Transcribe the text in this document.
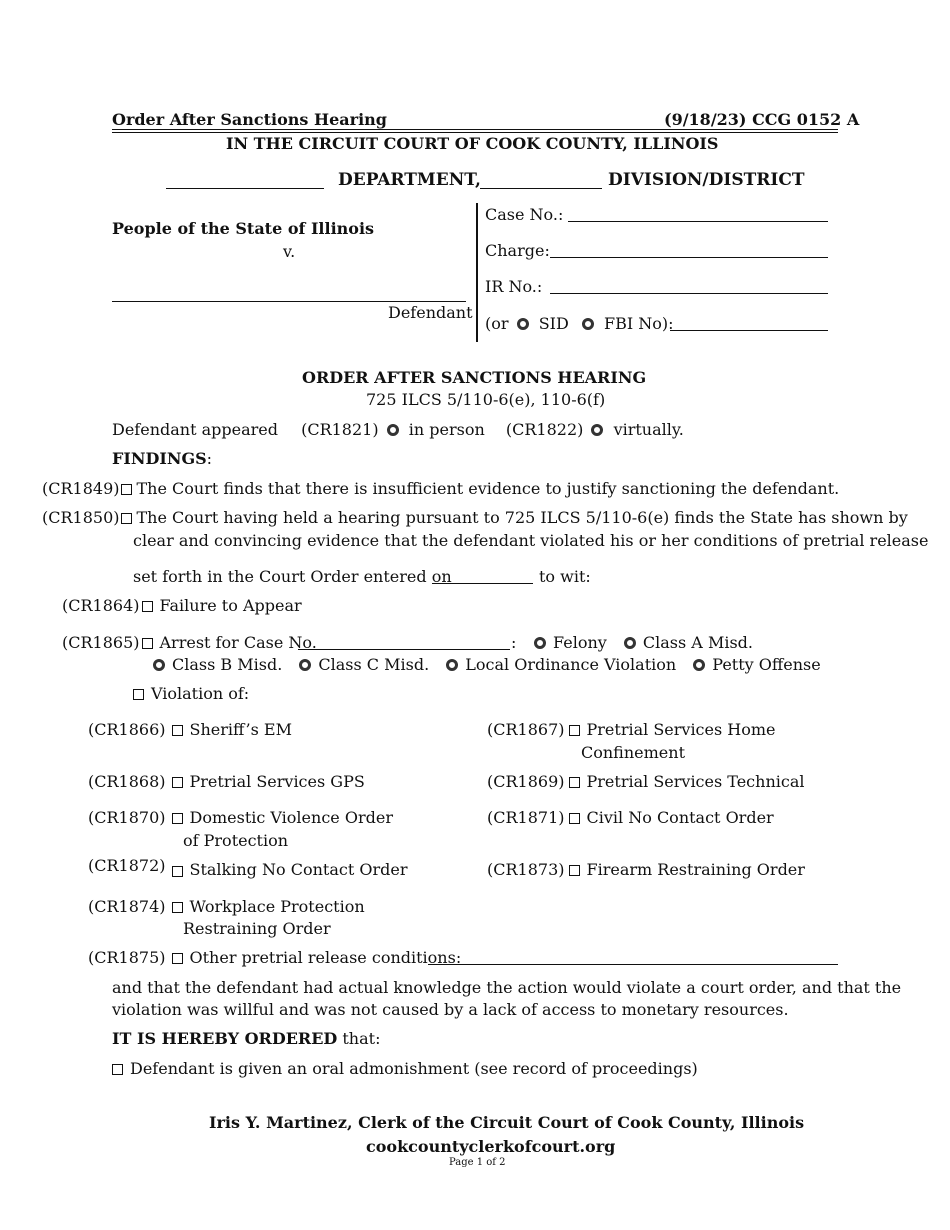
Order After Sanctions Hearing	(9/18/23) CCG 0152 A
IN THE CIRCUIT COURT OF COOK COUNTY, ILLINOIS
DEPARTMENT,	DIVISION/DISTRICT
People of the State of Illinois
v.
Defendant
Case No.:
Charge:
IR No.:
(or SID FBI No):
ORDER AFTER SANCTIONS HEARING
725 ILCS 5/110-6(e), 110-6(f)
Defendant appeared (CR1821) in person (CR1822) virtually.
FINDINGS:
(CR1849) The Court finds that there is insufficient evidence to justify sanctioning the defendant.
(CR1850) The Court having held a hearing pursuant to 725 ILCS 5/110-6(e) finds the State has shown by
clear and convincing evidence that the defendant violated his or her conditions of pretrial release
set forth in the Court Order entered on	to wit:
(CR1864) Failure to Appear
(CR1865) Arrest for Case No.	:	Felony Class A Misd.
Class B Misd. Class C Misd. Local Ordinance Violation Petty Offense
Violation of:
(CR1866) Sheriff’s EM	(CR1867) Pretrial Services Home
Confinement
(CR1868) Pretrial Services GPS	(CR1869) Pretrial Services Technical
(CR1870) Domestic Violence Order
of Protection
(CR1871) Civil No Contact Order
(CR1872) Stalking No Contact Order	(CR1873) Firearm Restraining Order
(CR1874) Workplace Protection
Restraining Order
(CR1875) Other pretrial release conditions:
and that the defendant had actual knowledge the action would violate a court order, and that the
violation was willful and was not caused by a lack of access to monetary resources.
IT IS HEREBY ORDERED that:
Defendant is given an oral admonishment (see record of proceedings)
Iris Y. Martinez, Clerk of the Circuit Court of Cook County, Illinois
cookcountyclerkofcourt.org
Page 1 of 2
